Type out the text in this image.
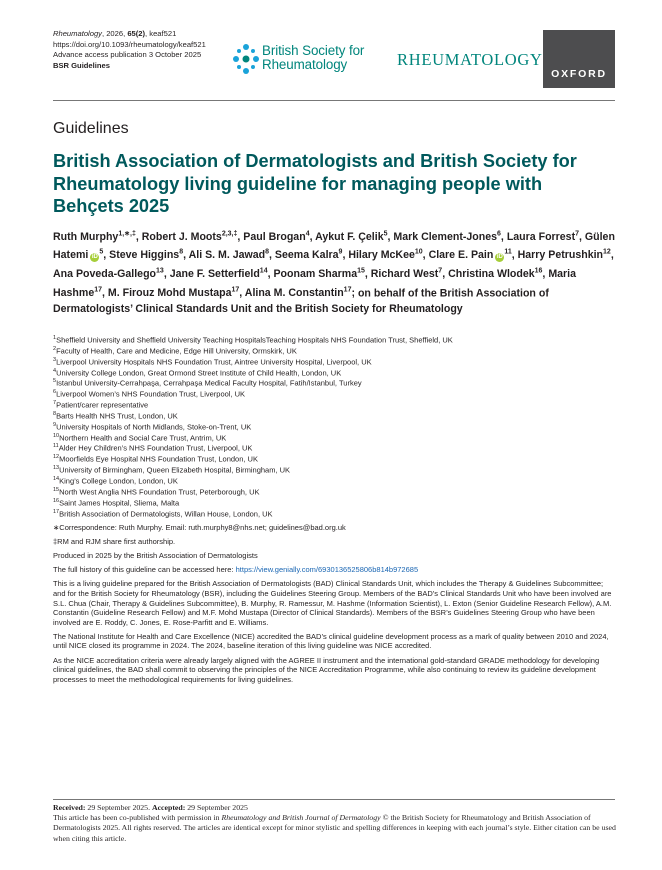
Rheumatology, 2026, 65(2), keaf521
https://doi.org/10.1093/rheumatology/keaf521
Advance access publication 3 October 2025
BSR Guidelines
British Society for
Rheumatology	RHEUMATOLOGY
OXFORD
Guidelines
British Association of Dermatologists and British Society for Rheumatology living guideline for managing people with Behçets 2025
Ruth Murphy$^{1,∗,\ddagger}$, Robert J. Moots$^{2,3,\ddagger}$, Paul Brogan$^4$, Aykut F. Çelik$^5$, Mark Clement-Jones$^6$, Laura Forrest$^7$, Gülen Hatemi $iD^5$, Steve Higgins$^8$, Ali S. M. Jawad$^8$, Seema Kalra$^9$, Hilary McKee$^{10}$, Clare E. Pain $iD^{11}$, Harry Petrushkin$^{12}$, Ana Poveda-Gallego$^{13}$, Jane F. Setterfield$^{14}$, Poonam Sharma$^{15}$, Richard West$^7$, Christina Wlodek$^{16}$, Maria Hashme$^{17}$, M. Firouz Mohd Mustapa$^{17}$, Alina M. Constantin$^{17}$; on behalf of the British Association of Dermatologists’ Clinical Standards Unit and the British Society for Rheumatology
$^1$Sheffield University and Sheffield University Teaching HospitalsTeaching Hospitals NHS Foundation Trust, Sheffield, UK
$^2$Faculty of Health, Care and Medicine, Edge Hill University, Ormskirk, UK
$^3$Liverpool University Hospitals NHS Foundation Trust, Aintree University Hospital, Liverpool, UK
$^4$University College London, Great Ormond Street Institute of Child Health, London, UK
$^5$Istanbul University-Cerrahpaşa, Cerrahpaşa Medical Faculty Hospital, Fatih/Istanbul, Turkey
$^6$Liverpool Women’s NHS Foundation Trust, Liverpool, UK
$^7$Patient/carer representative
$^8$Barts Health NHS Trust, London, UK
$^9$University Hospitals of North Midlands, Stoke-on-Trent, UK
$^{10}$Northern Health and Social Care Trust, Antrim, UK
$^{11}$Alder Hey Children’s NHS Foundation Trust, Liverpool, UK
$^{12}$Moorfields Eye Hospital NHS Foundation Trust, London, UK
$^{13}$University of Birmingham, Queen Elizabeth Hospital, Birmingham, UK
$^{14}$King’s College London, London, UK
$^{15}$North West Anglia NHS Foundation Trust, Peterborough, UK
$^{16}$Saint James Hospital, Sliema, Malta
$^{17}$British Association of Dermatologists, Willan House, London, UK

∗Correspondence: Ruth Murphy. Email: ruth.murphy8@nhs.net; guidelines@bad.org.uk

‡RM and RJM share first authorship.

Produced in 2025 by the British Association of Dermatologists

The full history of this guideline can be accessed here: https://view.genially.com/6930136525806b814b972685

This is a living guideline prepared for the British Association of Dermatologists (BAD) Clinical Standards Unit, which includes the Therapy & Guidelines Subcommittee; and for the British Society for Rheumatology (BSR), including the Guidelines Steering Group. Members of the BAD’s Clinical Standards Unit who have been involved are S.L. Chua (Chair, Therapy & Guidelines Subcommittee), B. Murphy, R. Ramessur, M. Hashme (Information Scientist), L. Exton (Senior Guideline Research Fellow), A.M. Constantin (Guideline Research Fellow) and M.F. Mohd Mustapa (Director of Clinical Standards). Members of the BSR’s Guidelines Steering Group who have been involved are E. Roddy, C. Jones, E. Rose-Parfitt and E. Williams.

The National Institute for Health and Care Excellence (NICE) accredited the BAD’s clinical guideline development process as a mark of quality between 2010 and 2024, until NICE closed its programme in 2024. The 2024, baseline iteration of this living guideline was NICE accredited.

As the NICE accreditation criteria were already largely aligned with the AGREE II instrument and the international gold-standard GRADE methodology for developing clinical guidelines, the BAD shall commit to observing the principles of the NICE Accreditation Programme, while also continuing to review its guideline development processes to meet the methodological requirements for living guidelines.

Received: 29 September 2025. Accepted: 29 September 2025
This article has been co-published with permission in Rheumatology and British Journal of Dermatology © the British Society for Rheumatology and British Association of Dermatologists 2025. All rights reserved. The articles are identical except for minor stylistic and spelling differences in keeping with each journal’s style. Either citation can be used when citing this article.
